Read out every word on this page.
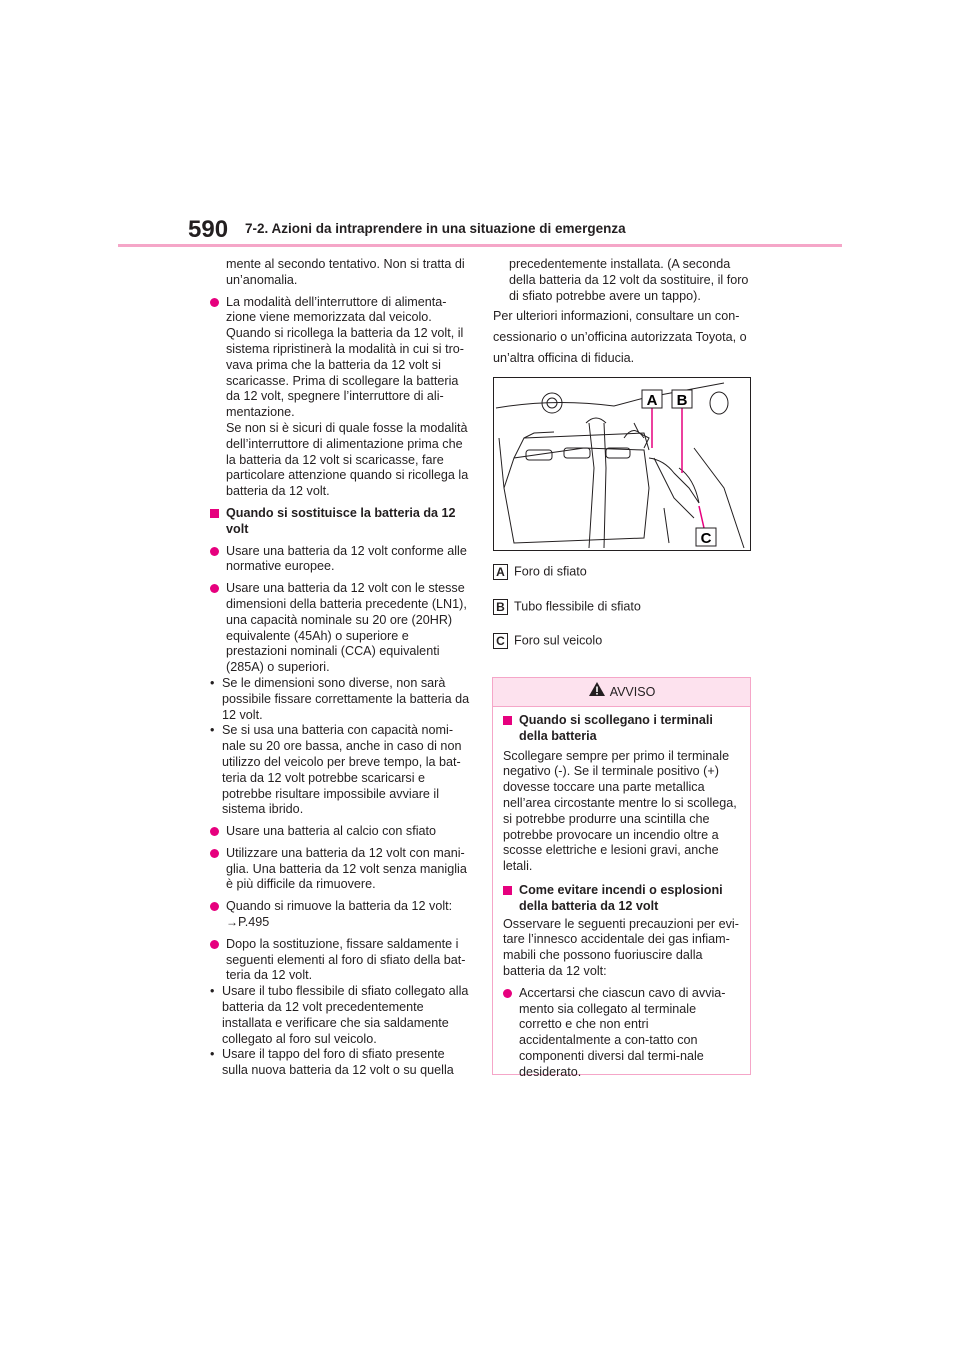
590 7-2. Azioni da intraprendere in una situazione di emergenza

mente al secondo tentativo. Non si tratta di un’anomalia.

La modalità dell’interruttore di alimenta-zione viene memorizzata dal veicolo. Quando si ricollega la batteria da 12 volt, il sistema ripristinerà la modalità in cui si tro-vava prima che la batteria da 12 volt si scaricasse. Prima di scollegare la batteria da 12 volt, spegnere l’interruttore di ali-mentazione.
Se non si è sicuri di quale fosse la modalità dell’interruttore di alimentazione prima che la batteria da 12 volt si scaricasse, fare particolare attenzione quando si ricollega la batteria da 12 volt.
Quando si sostituisce la batteria da 12 volt
Usare una batteria da 12 volt conforme alle normative europee.
Usare una batteria da 12 volt con le stesse dimensioni della batteria precedente (LN1), una capacità nominale su 20 ore (20HR) equivalente (45Ah) o superiore e prestazioni nominali (CCA) equivalenti (285A) o superiori.
• Se le dimensioni sono diverse, non sarà possibile fissare correttamente la batteria da 12 volt.
• Se si usa una batteria con capacità nomi-nale su 20 ore bassa, anche in caso di non utilizzo del veicolo per breve tempo, la bat-teria da 12 volt potrebbe scaricarsi e potrebbe risultare impossibile avviare il sistema ibrido.
Usare una batteria al calcio con sfiato
Utilizzare una batteria da 12 volt con mani-glia. Una batteria da 12 volt senza maniglia è più difficile da rimuovere.
Quando si rimuove la batteria da 12 volt:
→P.495
Dopo la sostituzione, fissare saldamente i seguenti elementi al foro di sfiato della bat-teria da 12 volt.
• Usare il tubo flessibile di sfiato collegato alla batteria da 12 volt precedentemente installata e verificare che sia saldamente collegato al foro sul veicolo.
• Usare il tappo del foro di sfiato presente sulla nuova batteria da 12 volt o su quella

precedentemente installata. (A seconda della batteria da 12 volt da sostituire, il foro di sfiato potrebbe avere un tappo).

Per ulteriori informazioni, consultare un con-cessionario o un’officina autorizzata Toyota, o un’altra officina di fiducia.

A B
C
A Foro di sfiato
B Tubo flessibile di sfiato
C Foro sul veicolo
AVVISO
Quando si scollegano i terminali della batteria

Scollegare sempre per primo il terminale negativo (-). Se il terminale positivo (+) dovesse toccare una parte metallica nell’area circostante mentre lo si scollega, si potrebbe produrre una scintilla che potrebbe provocare un incendio oltre a scosse elettriche e lesioni gravi, anche letali.

Come evitare incendi o esplosioni della batteria da 12 volt

Osservare le seguenti precauzioni per evi-tare l’innesco accidentale dei gas infiam-mabili che possono fuoriuscire dalla batteria da 12 volt:

Accertarsi che ciascun cavo di avvia-mento sia collegato al terminale corretto e che non entri accidentalmente a con-tatto con componenti diversi dal termi-nale desiderato.
